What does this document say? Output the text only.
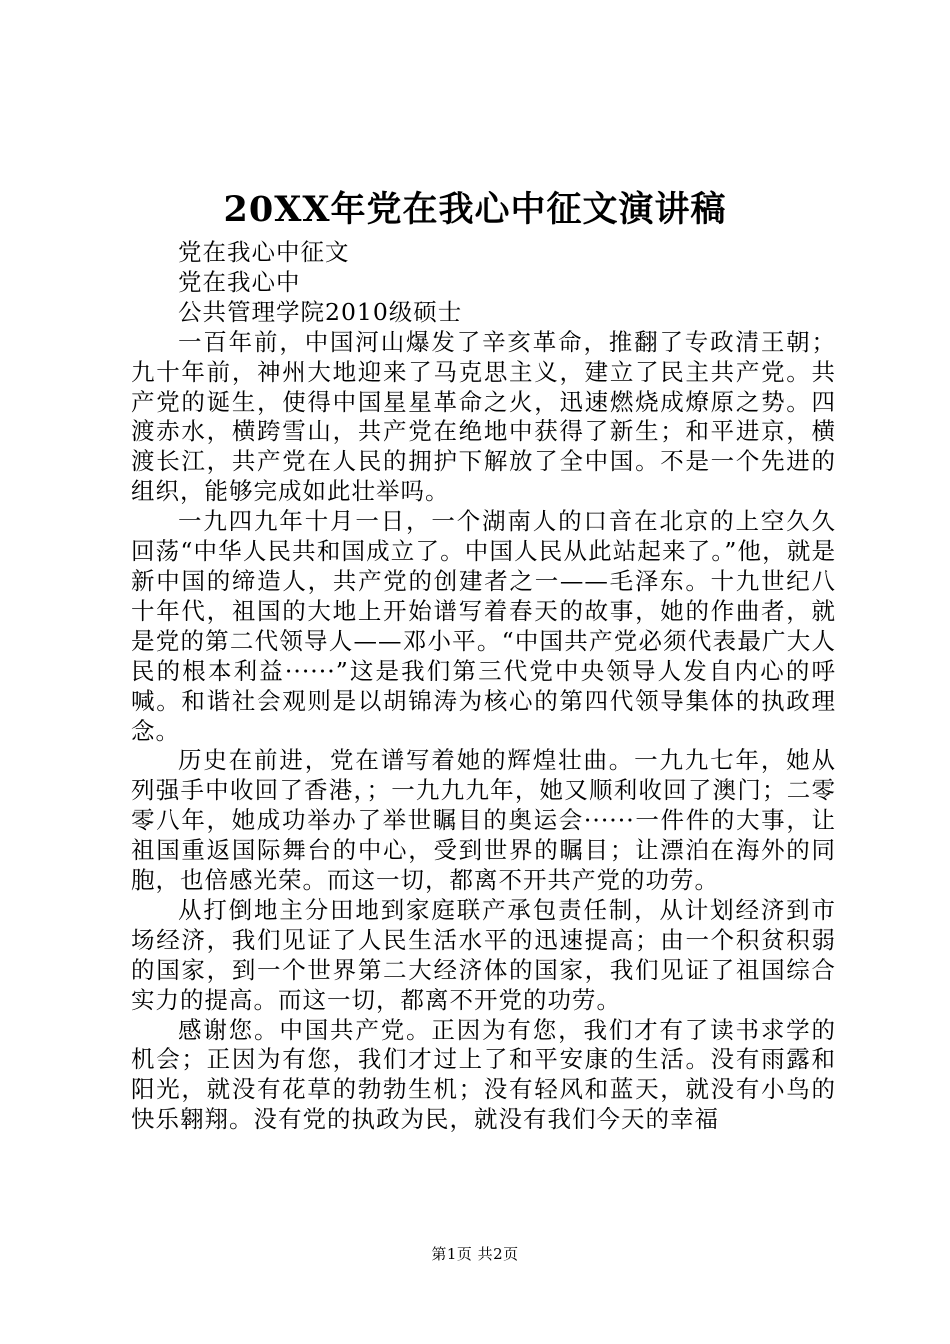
20XX年党在我心中征文演讲稿

党在我心中征文

党在我心中

公共管理学院2010级硕士

一百年前，中国河山爆发了辛亥革命，推翻了专政清王朝；九十年前，神州大地迎来了马克思主义，建立了民主共产党。共产党的诞生，使得中国星星革命之火，迅速燃烧成燎原之势。四渡赤水，横跨雪山，共产党在绝地中获得了新生；和平进京，横渡长江，共产党在人民的拥护下解放了全中国。不是一个先进的组织，能够完成如此壮举吗。

一九四九年十月一日，一个湖南人的口音在北京的上空久久回荡“中华人民共和国成立了。中国人民从此站起来了。”他，就是新中国的缔造人，共产党的创建者之一——毛泽东。十九世纪八十年代，祖国的大地上开始谱写着春天的故事，她的作曲者，就是党的第二代领导人——邓小平。“中国共产党必须代表最广大人民的根本利益······”这是我们第三代党中央领导人发自内心的呼喊。和谐社会观则是以胡锦涛为核心的第四代领导集体的执政理念。

历史在前进，党在谱写着她的辉煌壮曲。一九九七年，她从列强手中收回了香港，；一九九九年，她又顺利收回了澳门；二零零八年，她成功举办了举世瞩目的奥运会······一件件的大事，让祖国重返国际舞台的中心，受到世界的瞩目；让漂泊在海外的同胞，也倍感光荣。而这一切，都离不开共产党的功劳。

从打倒地主分田地到家庭联产承包责任制，从计划经济到市场经济，我们见证了人民生活水平的迅速提高；由一个积贫积弱的国家，到一个世界第二大经济体的国家，我们见证了祖国综合实力的提高。而这一切，都离不开党的功劳。

感谢您。中国共产党。正因为有您，我们才有了读书求学的机会；正因为有您，我们才过上了和平安康的生活。没有雨露和阳光，就没有花草的勃勃生机；没有轻风和蓝天，就没有小鸟的快乐翱翔。没有党的执政为民，就没有我们今天的幸福

第1页 共2页
